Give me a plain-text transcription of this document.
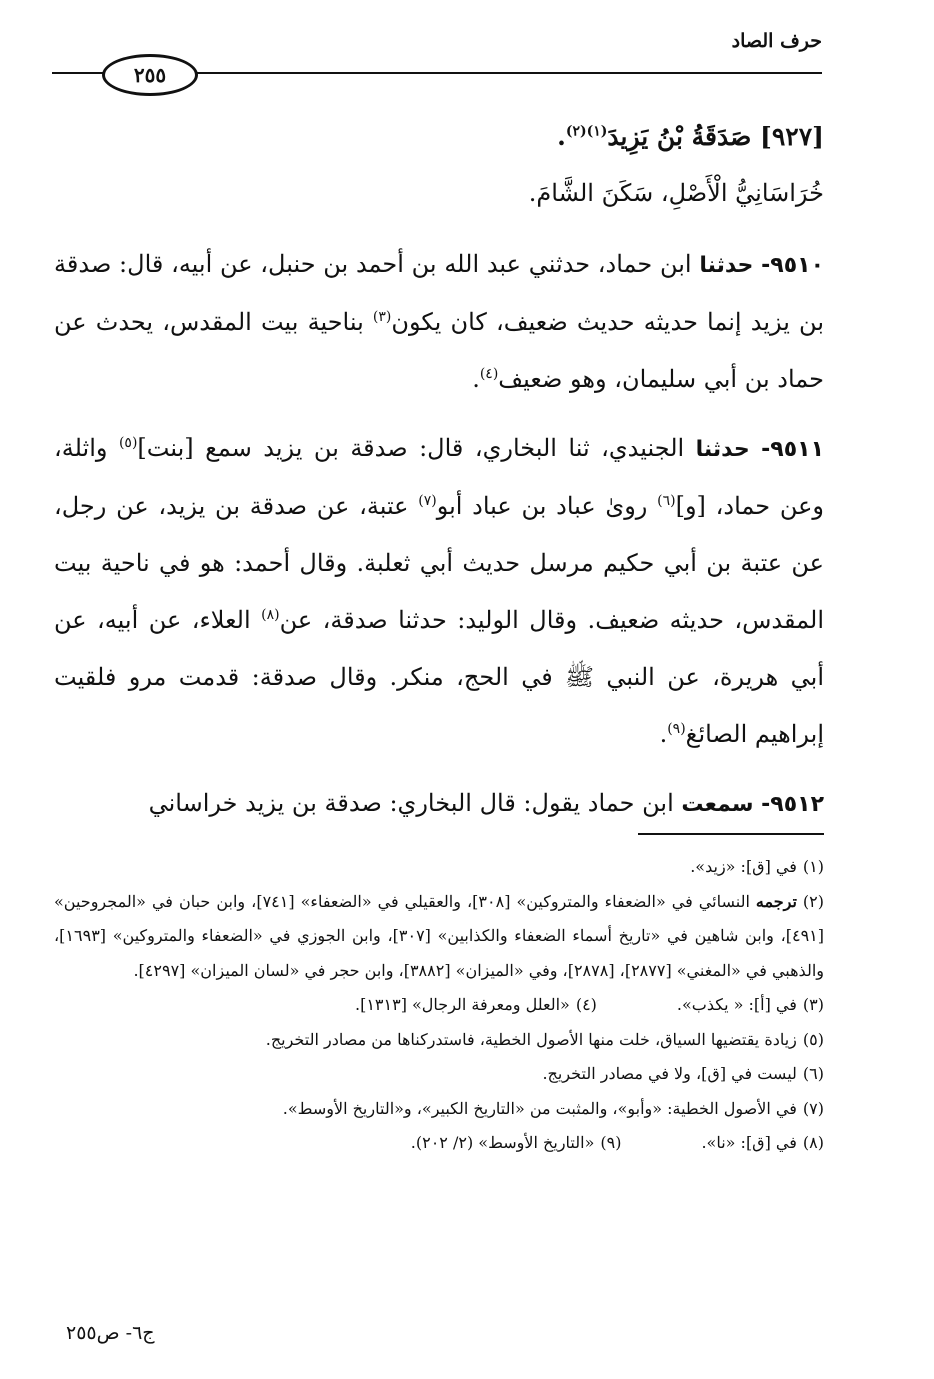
حرف الصاد
٢٥٥

[٩٢٧] صَدَقَةُ بْنُ يَزِيدَ$^{(١)(٢)}$.

خُرَاسَانِيُّ الْأَصْلِ، سَكَنَ الشَّامَ.

٩٥١٠- حدثنا ابن حماد، حدثني عبد الله بن أحمد بن حنبل، عن أبيه، قال: صدقة بن يزيد إنما حديثه حديث ضعيف، كان يكون$^{(٣)}$ بناحية بيت المقدس، يحدث عن حماد بن أبي سليمان، وهو ضعيف$^{(٤)}$.

٩٥١١- حدثنا الجنيدي، ثنا البخاري، قال: صدقة بن يزيد سمع [بنت]$^{(٥)}$ واثلة، وعن حماد، [و]$^{(٦)}$ روىٰ عباد بن عباد أبو$^{(٧)}$ عتبة، عن صدقة بن يزيد، عن رجل، عن عتبة بن أبي حكيم مرسل حديث أبي ثعلبة. وقال أحمد: هو في ناحية بيت المقدس، حديثه ضعيف. وقال الوليد: حدثنا صدقة، عن$^{(٨)}$ العلاء، عن أبيه، عن أبي هريرة، عن النبي ﷺ في الحج، منكر. وقال صدقة: قدمت مرو فلقيت إبراهيم الصائغ$^{(٩)}$.

٩٥١٢- سمعت ابن حماد يقول: قال البخاري: صدقة بن يزيد خراساني

(١)في [ق]: «زيد».

(٢)ترجمه النسائي في «الضعفاء والمتروكين» [٣٠٨]، والعقيلي في «الضعفاء» [٧٤١]، وابن حبان في «المجروحين» [٤٩١]، وابن شاهين في «تاريخ أسماء الضعفاء والكذابين» [٣٠٧]، وابن الجوزي في «الضعفاء والمتروكين» [١٦٩٣]، والذهبي في «المغني» [٢٨٧٧]، [٢٨٧٨]، وفي «الميزان» [٣٨٨٢]، وابن حجر في «لسان الميزان» [٤٢٩٧].

(٣)في [أ]: « يكذب».

(٤)«العلل ومعرفة الرجال» [١٣١٣].

(٥)زيادة يقتضيها السياق، خلت منها الأصول الخطية، فاستدركناها من مصادر التخريج.

(٦)ليست في [ق]، ولا في مصادر التخريج.

(٧)في الأصول الخطية: «وأبو»، والمثبت من «التاريخ الكبير»، و«التاريخ الأوسط».

(٨)في [ق]: «نا».

(٩)«التاريخ الأوسط» (٢/ ٢٠٢).

ج٦- ص٢٥٥
